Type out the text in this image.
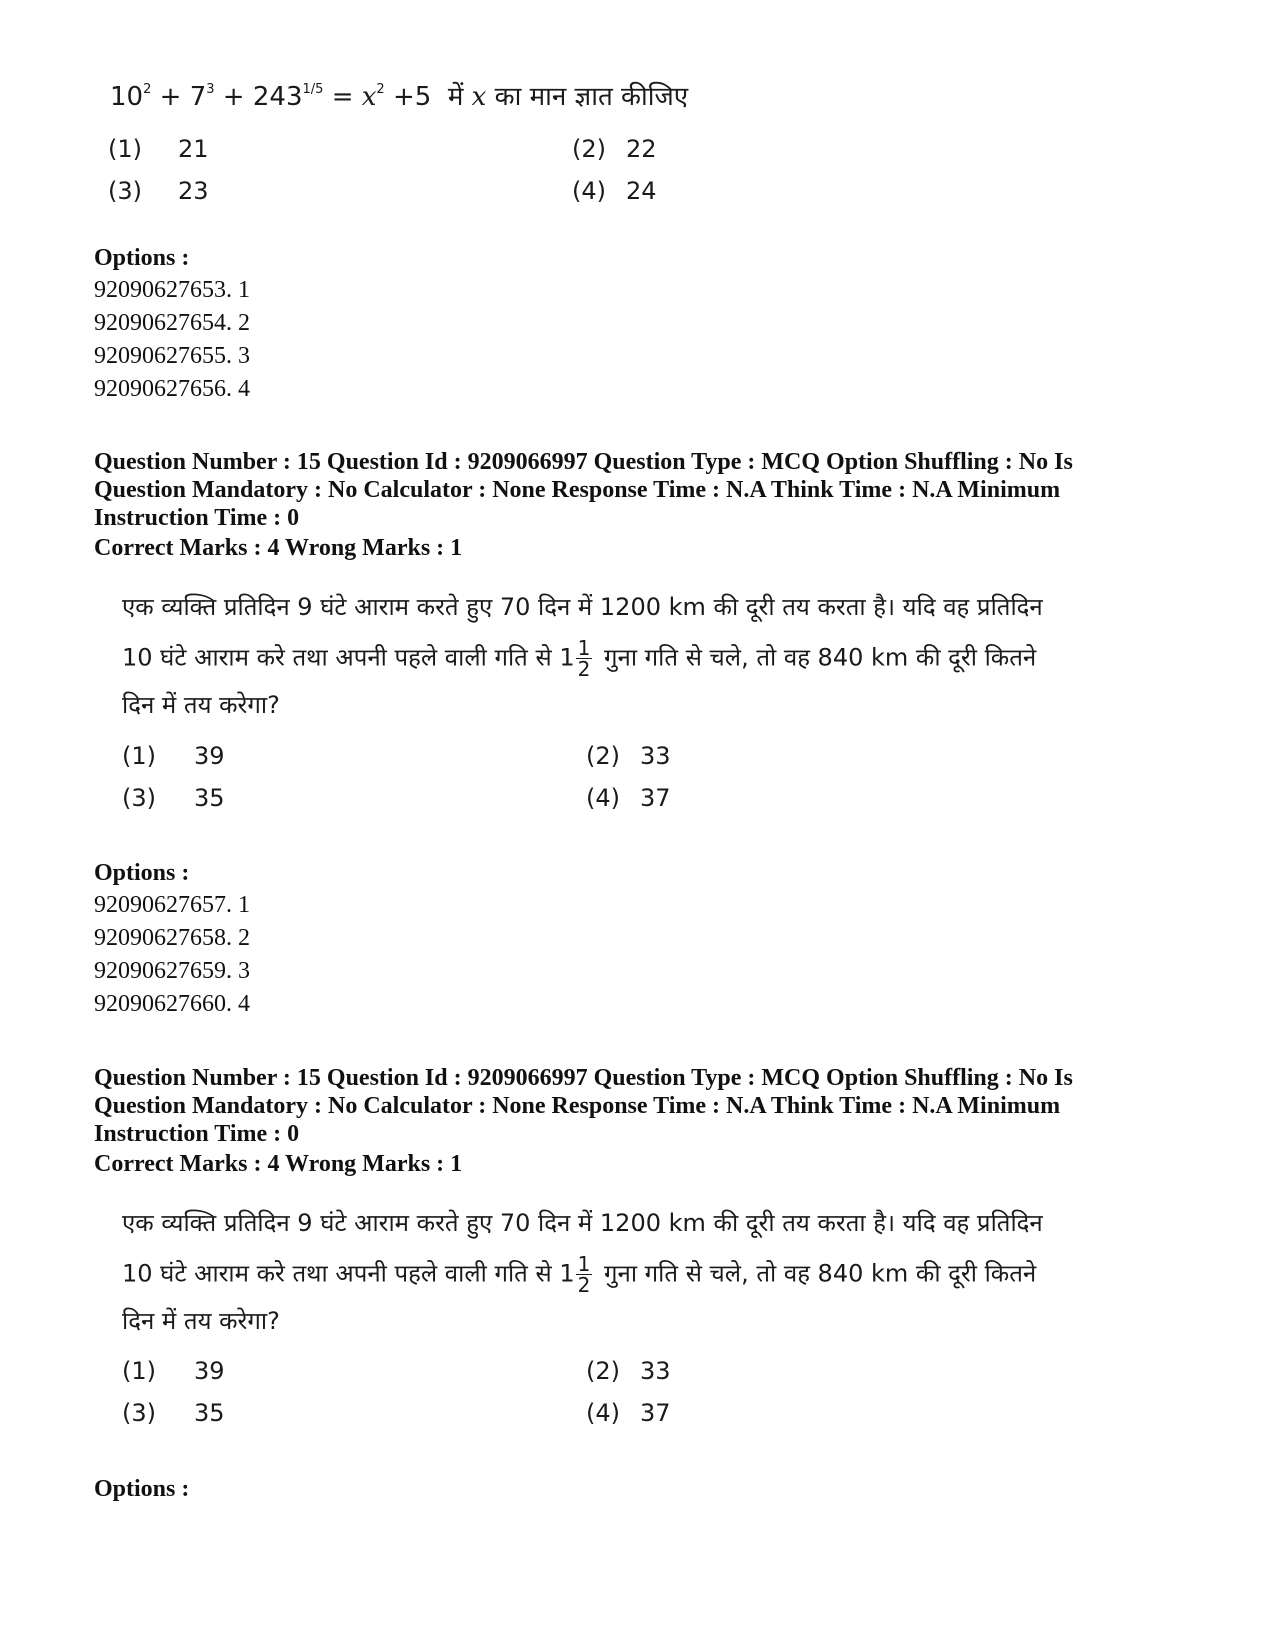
$10^2 + 7^3 + 243^{1/5} = x^2 +5$ में x का मान ज्ञात कीजिए
(1) 21	(2) 22
(3) 23	(4) 24
Options :
92090627653. 1
92090627654. 2
92090627655. 3
92090627656. 4
Question Number : 15 Question Id : 9209066997 Question Type : MCQ Option Shuffling : No Is Question Mandatory : No Calculator : None Response Time : N.A Think Time : N.A Minimum Instruction Time : 0
Correct Marks : 4 Wrong Marks : 1
एक व्यक्ति प्रतिदिन 9 घंटे आराम करते हुए 70 दिन में 1200 km की दूरी तय करता है। यदि वह प्रतिदिन
10 घंटे आराम करे तथा अपनी पहले वाली गति से $1 \frac{1}{2}$ गुना गति से चले, तो वह 840 km की दूरी कितने
दिन में तय करेगा?
(1) 39	(2) 33
(3) 35	(4) 37
Options :
92090627657. 1
92090627658. 2
92090627659. 3
92090627660. 4
Question Number : 15 Question Id : 9209066997 Question Type : MCQ Option Shuffling : No Is Question Mandatory : No Calculator : None Response Time : N.A Think Time : N.A Minimum Instruction Time : 0
Correct Marks : 4 Wrong Marks : 1
एक व्यक्ति प्रतिदिन 9 घंटे आराम करते हुए 70 दिन में 1200 km की दूरी तय करता है। यदि वह प्रतिदिन
10 घंटे आराम करे तथा अपनी पहले वाली गति से $1 \frac{1}{2}$ गुना गति से चले, तो वह 840 km की दूरी कितने
दिन में तय करेगा?
(1) 39	(2) 33
(3) 35	(4) 37
Options :
